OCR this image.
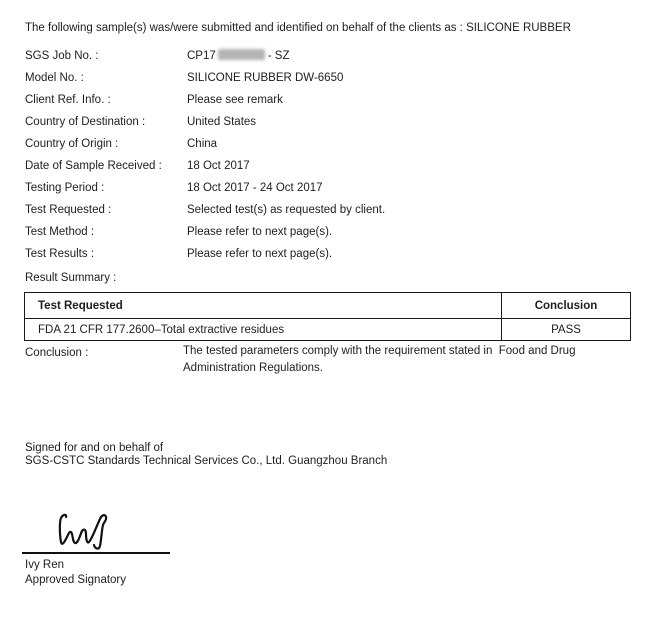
The following sample(s) was/were submitted and identified on behalf of the clients as : SILICONE RUBBER
SGS Job No. :	CP17	- SZ
Model No. :	SILICONE RUBBER DW-6650
Client Ref. Info. :	Please see remark
Country of Destination :	United States
Country of Origin :	China
Date of Sample Received : 18 Oct 2017
Testing Period :	18 Oct 2017 - 24 Oct 2017
Test Requested :	Selected test(s) as requested by client.
Test Method :	Please refer to next page(s).
Test Results :	Please refer to next page(s).
Result Summary :
Test Requested	Conclusion
FDA 21 CFR 177.2600–Total extractive residues	PASS
Conclusion :	The tested parameters comply with the requirement stated in  Food and Drug
Administration Regulations.
Signed for and on behalf of
SGS-CSTC Standards Technical Services Co., Ltd. Guangzhou Branch
Ivy Ren
Approved Signatory
